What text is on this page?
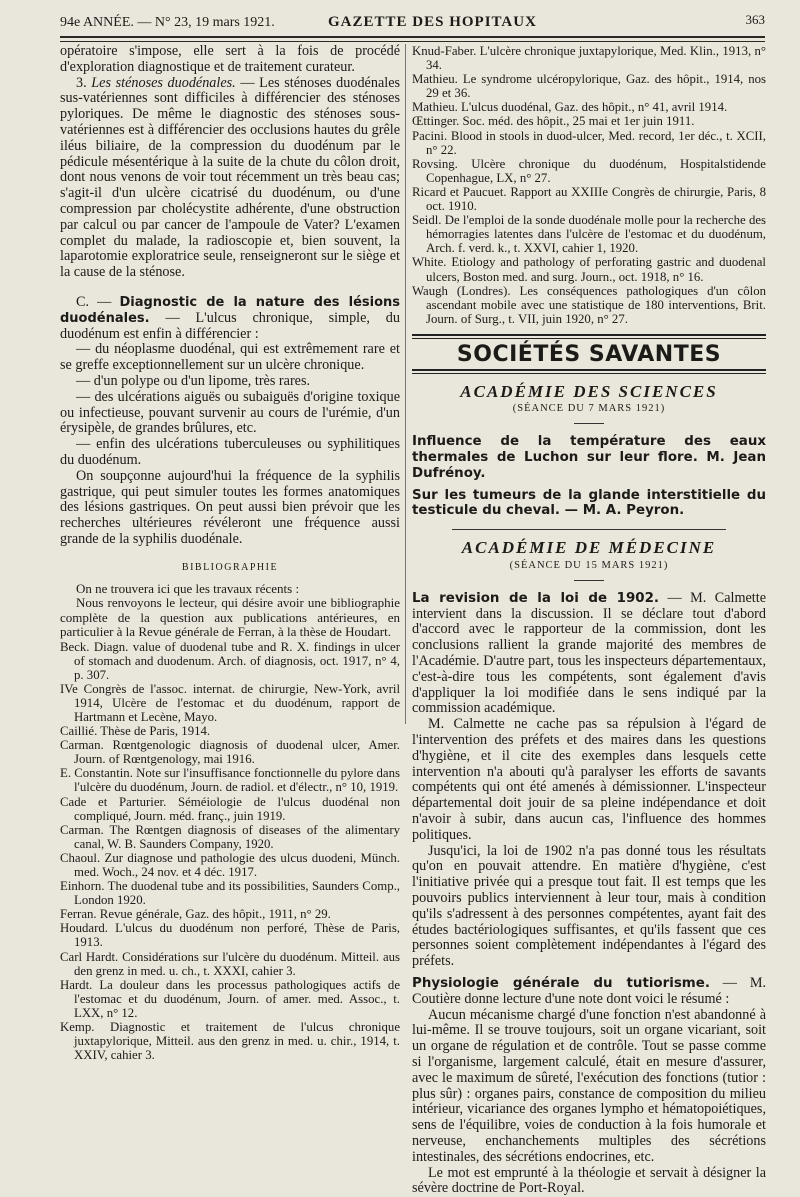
94e ANNÉE. — N° 23, 19 mars 1921.	GAZETTE DES HOPITAUX	363

opératoire s'impose, elle sert à la fois de procédé d'exploration diagnostique et de traitement curateur.

3. Les sténoses duodénales. — Les sténoses duodénales sus-vatériennes sont difficiles à différencier des sténoses pyloriques. De même le diagnostic des sténoses sous-vatériennes est à différencier des occlusions hautes du grêle iléus biliaire, de la compression du duodénum par le pédicule mésentérique à la suite de la chute du côlon droit, dont nous venons de voir tout récemment un très beau cas; s'agit-il d'un ulcère cicatrisé du duodénum, ou d'une compression par cholécystite adhérente, d'une obstruction par calcul ou par cancer de l'ampoule de Vater? L'examen complet du malade, la radioscopie et, bien souvent, la laparotomie exploratrice seule, renseigneront sur le siège et la cause de la sténose.

C. — Diagnostic de la nature des lésions duodénales. — L'ulcus chronique, simple, du duodénum est enfin à différencier :

— du néoplasme duodénal, qui est extrêmement rare et se greffe exceptionnellement sur un ulcère chronique.

— d'un polype ou d'un lipome, très rares.

— des ulcérations aiguës ou subaiguës d'origine toxique ou infectieuse, pouvant survenir au cours de l'urémie, d'un érysipèle, de grandes brûlures, etc.

— enfin des ulcérations tuberculeuses ou syphilitiques du duodénum.

On soupçonne aujourd'hui la fréquence de la syphilis gastrique, qui peut simuler toutes les formes anatomiques des lésions gastriques. On peut aussi bien prévoir que les recherches ultérieures révéleront une fréquence aussi grande de la syphilis duodénale.

BIBLIOGRAPHIE

On ne trouvera ici que les travaux récents :

Nous renvoyons le lecteur, qui désire avoir une bibliographie complète de la question aux publications antérieures, en particulier à la Revue générale de Ferran, à la thèse de Houdart.

Beck. Diagn. value of duodenal tube and R. X. findings in ulcer of stomach and duodenum. Arch. of diagnosis, oct. 1917, n° 4, p. 307.

IVe Congrès de l'assoc. internat. de chirurgie, New-York, avril 1914, Ulcère de l'estomac et du duodénum, rapport de Hartmann et Lecène, Mayo.

Caillié. Thèse de Paris, 1914.

Carman. Rœntgenologic diagnosis of duodenal ulcer, Amer. Journ. of Rœntgenology, mai 1916.

E. Constantin. Note sur l'insuffisance fonctionnelle du pylore dans l'ulcère du duodénum, Journ. de radiol. et d'électr., n° 10, 1919.

Cade et Parturier. Séméiologie de l'ulcus duodénal non compliqué, Journ. méd. franç., juin 1919.

Carman. The Rœntgen diagnosis of diseases of the alimentary canal, W. B. Saunders Company, 1920.

Chaoul. Zur diagnose und pathologie des ulcus duodeni, Münch. med. Woch., 24 nov. et 4 déc. 1917.

Einhorn. The duodenal tube and its possibilities, Saunders Comp., London 1920.

Ferran. Revue générale, Gaz. des hôpit., 1911, n° 29.

Houdard. L'ulcus du duodénum non perforé, Thèse de Paris, 1913.

Carl Hardt. Considérations sur l'ulcère du duodénum. Mitteil. aus den grenz in med. u. ch., t. XXXI, cahier 3.

Hardt. La douleur dans les processus pathologiques actifs de l'estomac et du duodénum, Journ. of amer. med. Assoc., t. LXX, n° 12.

Kemp. Diagnostic et traitement de l'ulcus chronique juxtapylorique, Mitteil. aus den grenz in med. u. chir., 1914, t. XXIV, cahier 3.

Knud-Faber. L'ulcère chronique juxtapylorique, Med. Klin., 1913, n° 34.

Mathieu. Le syndrome ulcéropylorique, Gaz. des hôpit., 1914, nos 29 et 36.

Mathieu. L'ulcus duodénal, Gaz. des hôpit., n° 41, avril 1914.

Œttinger. Soc. méd. des hôpit., 25 mai et 1er juin 1911.

Pacini. Blood in stools in duod-ulcer, Med. record, 1er déc., t. XCII, n° 22.

Rovsing. Ulcère chronique du duodénum, Hospitalstidende Copenhague, LX, n° 27.

Ricard et Paucuet. Rapport au XXIIIe Congrès de chirurgie, Paris, 8 oct. 1910.

Seidl. De l'emploi de la sonde duodénale molle pour la recherche des hémorragies latentes dans l'ulcère de l'estomac et du duodénum, Arch. f. verd. k., t. XXVI, cahier 1, 1920.

White. Etiology and pathology of perforating gastric and duodenal ulcers, Boston med. and surg. Journ., oct. 1918, n° 16.

Waugh (Londres). Les conséquences pathologiques d'un côlon ascendant mobile avec une statistique de 180 interventions, Brit. Journ. of Surg., t. VII, juin 1920, n° 27.

SOCIÉTÉS SAVANTES

ACADÉMIE DES SCIENCES

(SÉANCE DU 7 MARS 1921)

Influence de la température des eaux thermales de Luchon sur leur flore. M. Jean Dufrénoy.

Sur les tumeurs de la glande interstitielle du testicule du cheval. — M. A. Peyron.

ACADÉMIE DE MÉDECINE

(SÉANCE DU 15 MARS 1921)

La revision de la loi de 1902. — M. Calmette intervient dans la discussion. Il se déclare tout d'abord d'accord avec le rapporteur de la commission, dont les conclusions rallient la grande majorité des membres de l'Académie. D'autre part, tous les inspecteurs départementaux, c'est-à-dire tous les compétents, sont également d'avis d'appliquer la loi modifiée dans le sens indiqué par la commission académique.

M. Calmette ne cache pas sa répulsion à l'égard de l'intervention des préfets et des maires dans les questions d'hygiène, et il cite des exemples dans lesquels cette intervention n'a abouti qu'à paralyser les efforts de savants compétents qui ont été amenés à démissionner. L'inspecteur départemental doit jouir de sa pleine indépendance et doit n'avoir à subir, dans aucun cas, l'influence des hommes politiques.

Jusqu'ici, la loi de 1902 n'a pas donné tous les résultats qu'on en pouvait attendre. En matière d'hygiène, c'est l'initiative privée qui a presque tout fait. Il est temps que les pouvoirs publics interviennent à leur tour, mais à condition qu'ils s'adressent à des personnes compétentes, ayant fait des études bactériologiques suffisantes, et qu'ils fassent que ces personnes soient complètement indépendantes à l'égard des préfets.

Physiologie générale du tutiorisme. — M. Coutière donne lecture d'une note dont voici le résumé :

Aucun mécanisme chargé d'une fonction n'est abandonné à lui-même. Il se trouve toujours, soit un organe vicariant, soit un organe de régulation et de contrôle. Tout se passe comme si l'organisme, largement calculé, était en mesure d'assurer, avec le maximum de sûreté, l'exécution des fonctions (tutior : plus sûr) : organes pairs, constance de composition du milieu intérieur, vicariance des organes lympho et hématopoiétiques, sens de l'équilibre, voies de conduction à la fois humorale et nerveuse, enchanchements multiples des sécrétions intestinales, des sécrétions endocrines, etc.

Le mot est emprunté à la théologie et servait à désigner la sévère doctrine de Port-Royal.
